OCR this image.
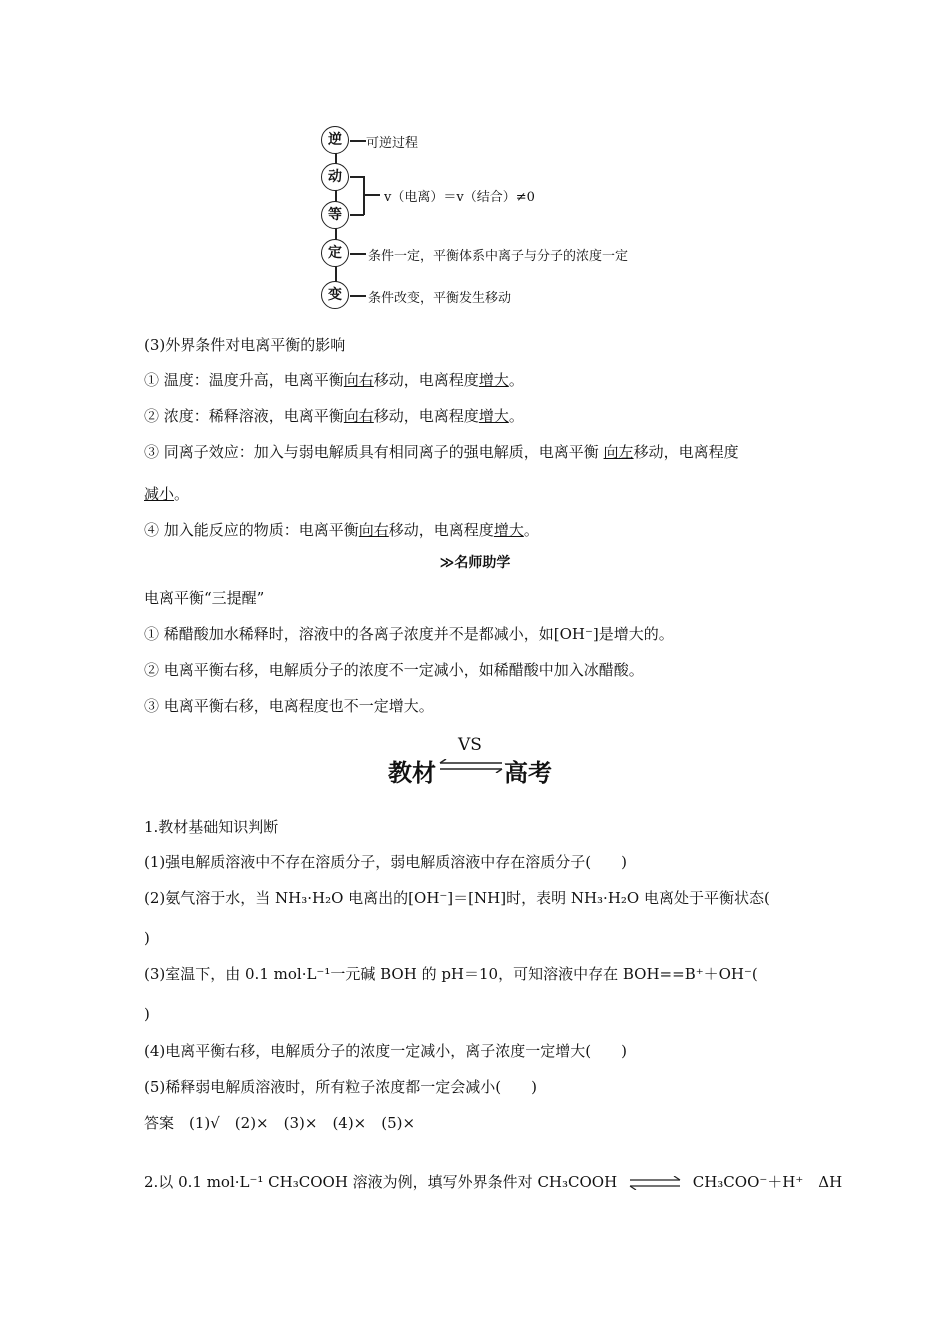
逆
动
等
定
变
可逆过程
v（电离）＝v（结合）≠0
条件一定，平衡体系中离子与分子的浓度一定
条件改变，平衡发生移动
(3)外界条件对电离平衡的影响
① 温度：温度升高，电离平衡向右移动，电离程度增大。
② 浓度：稀释溶液，电离平衡向右移动，电离程度增大。
③ 同离子效应：加入与弱电解质具有相同离子的强电解质，电离平衡 向左移动，电离程度
减小。
④ 加入能反应的物质：电离平衡向右移动，电离程度增大。
≫名师助学
电离平衡“三提醒”
① 稀醋酸加水稀释时，溶液中的各离子浓度并不是都减小，如[OH⁻]是增大的。
② 电离平衡右移，电解质分子的浓度不一定减小，如稀醋酸中加入冰醋酸。
③ 电离平衡右移，电离程度也不一定增大。
教材
VS
高考
1.教材基础知识判断
(1)强电解质溶液中不存在溶质分子，弱电解质溶液中存在溶质分子(　　)
(2)氨气溶于水，当 NH₃·H₂O 电离出的[OH⁻]＝[NH]时，表明 NH₃·H₂O 电离处于平衡状态(
)
(3)室温下，由 0.1 mol·L⁻¹一元碱 BOH 的 pH＝10，可知溶液中存在 BOH==B⁺＋OH⁻(
)
(4)电离平衡右移，电解质分子的浓度一定减小，离子浓度一定增大(　　)
(5)稀释弱电解质溶液时，所有粒子浓度都一定会减小(　　)
答案　(1)√　(2)×　(3)×　(4)×　(5)×
2.以 0.1 mol·L⁻¹ CH₃COOH 溶液为例，填写外界条件对 CH₃COOH ⇌ CH₃COO⁻＋H⁺　ΔH
